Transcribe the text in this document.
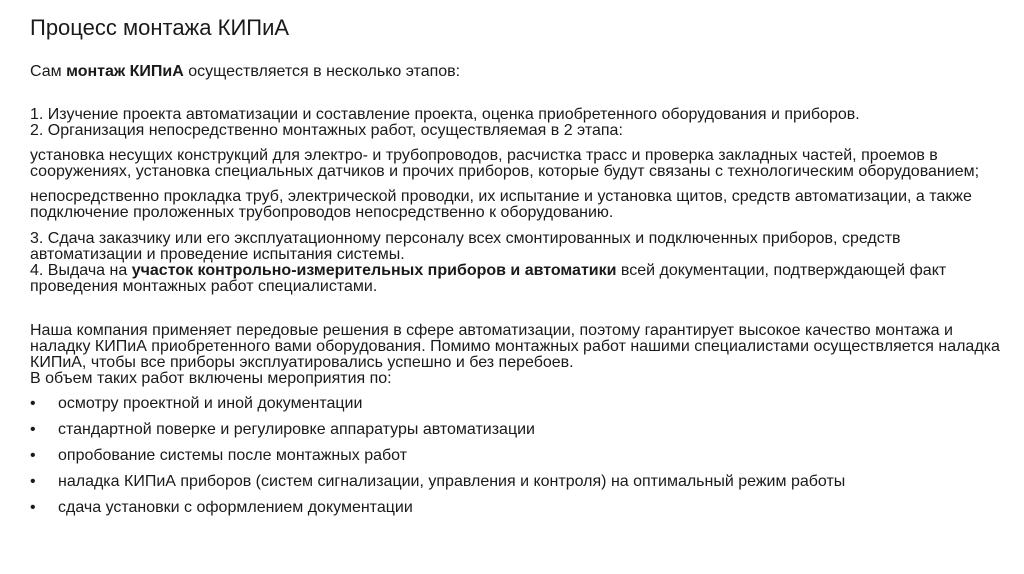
Процесс монтажа КИПиА

Сам монтаж КИПиА осуществляется в несколько этапов:

1. Изучение проекта автоматизации и составление проекта, оценка приобретенного оборудования и приборов.

2. Организация непосредственно монтажных работ, осуществляемая в 2 этапа:

установка несущих конструкций для электро- и трубопроводов, расчистка трасс и проверка закладных частей, проемов в сооружениях, установка специальных датчиков и прочих приборов, которые будут связаны с технологическим оборудованием;

непосредственно прокладка труб, электрической проводки, их испытание и установка щитов, средств автоматизации, а также подключение проложенных трубопроводов непосредственно к оборудованию.

3. Сдача заказчику или его эксплуатационному персоналу всех смонтированных и подключенных приборов, средств автоматизации и проведение испытания системы.

4. Выдача на участок контрольно-измерительных приборов и автоматики всей документации, подтверждающей факт проведения монтажных работ специалистами.

Наша компания применяет передовые решения в сфере автоматизации, поэтому гарантирует высокое качество монтажа и наладку КИПиА приобретенного вами оборудования. Помимо монтажных работ нашими специалистами осуществляется наладка КИПиА, чтобы все приборы эксплуатировались успешно и без перебоев.

В объем таких работ включены мероприятия по:

•	осмотру проектной и иной документации
•	стандартной поверке и регулировке аппаратуры автоматизации
•	опробование системы после монтажных работ
•	наладка КИПиА приборов (систем сигнализации, управления и контроля) на оптимальный режим работы
•	сдача установки с оформлением документации
